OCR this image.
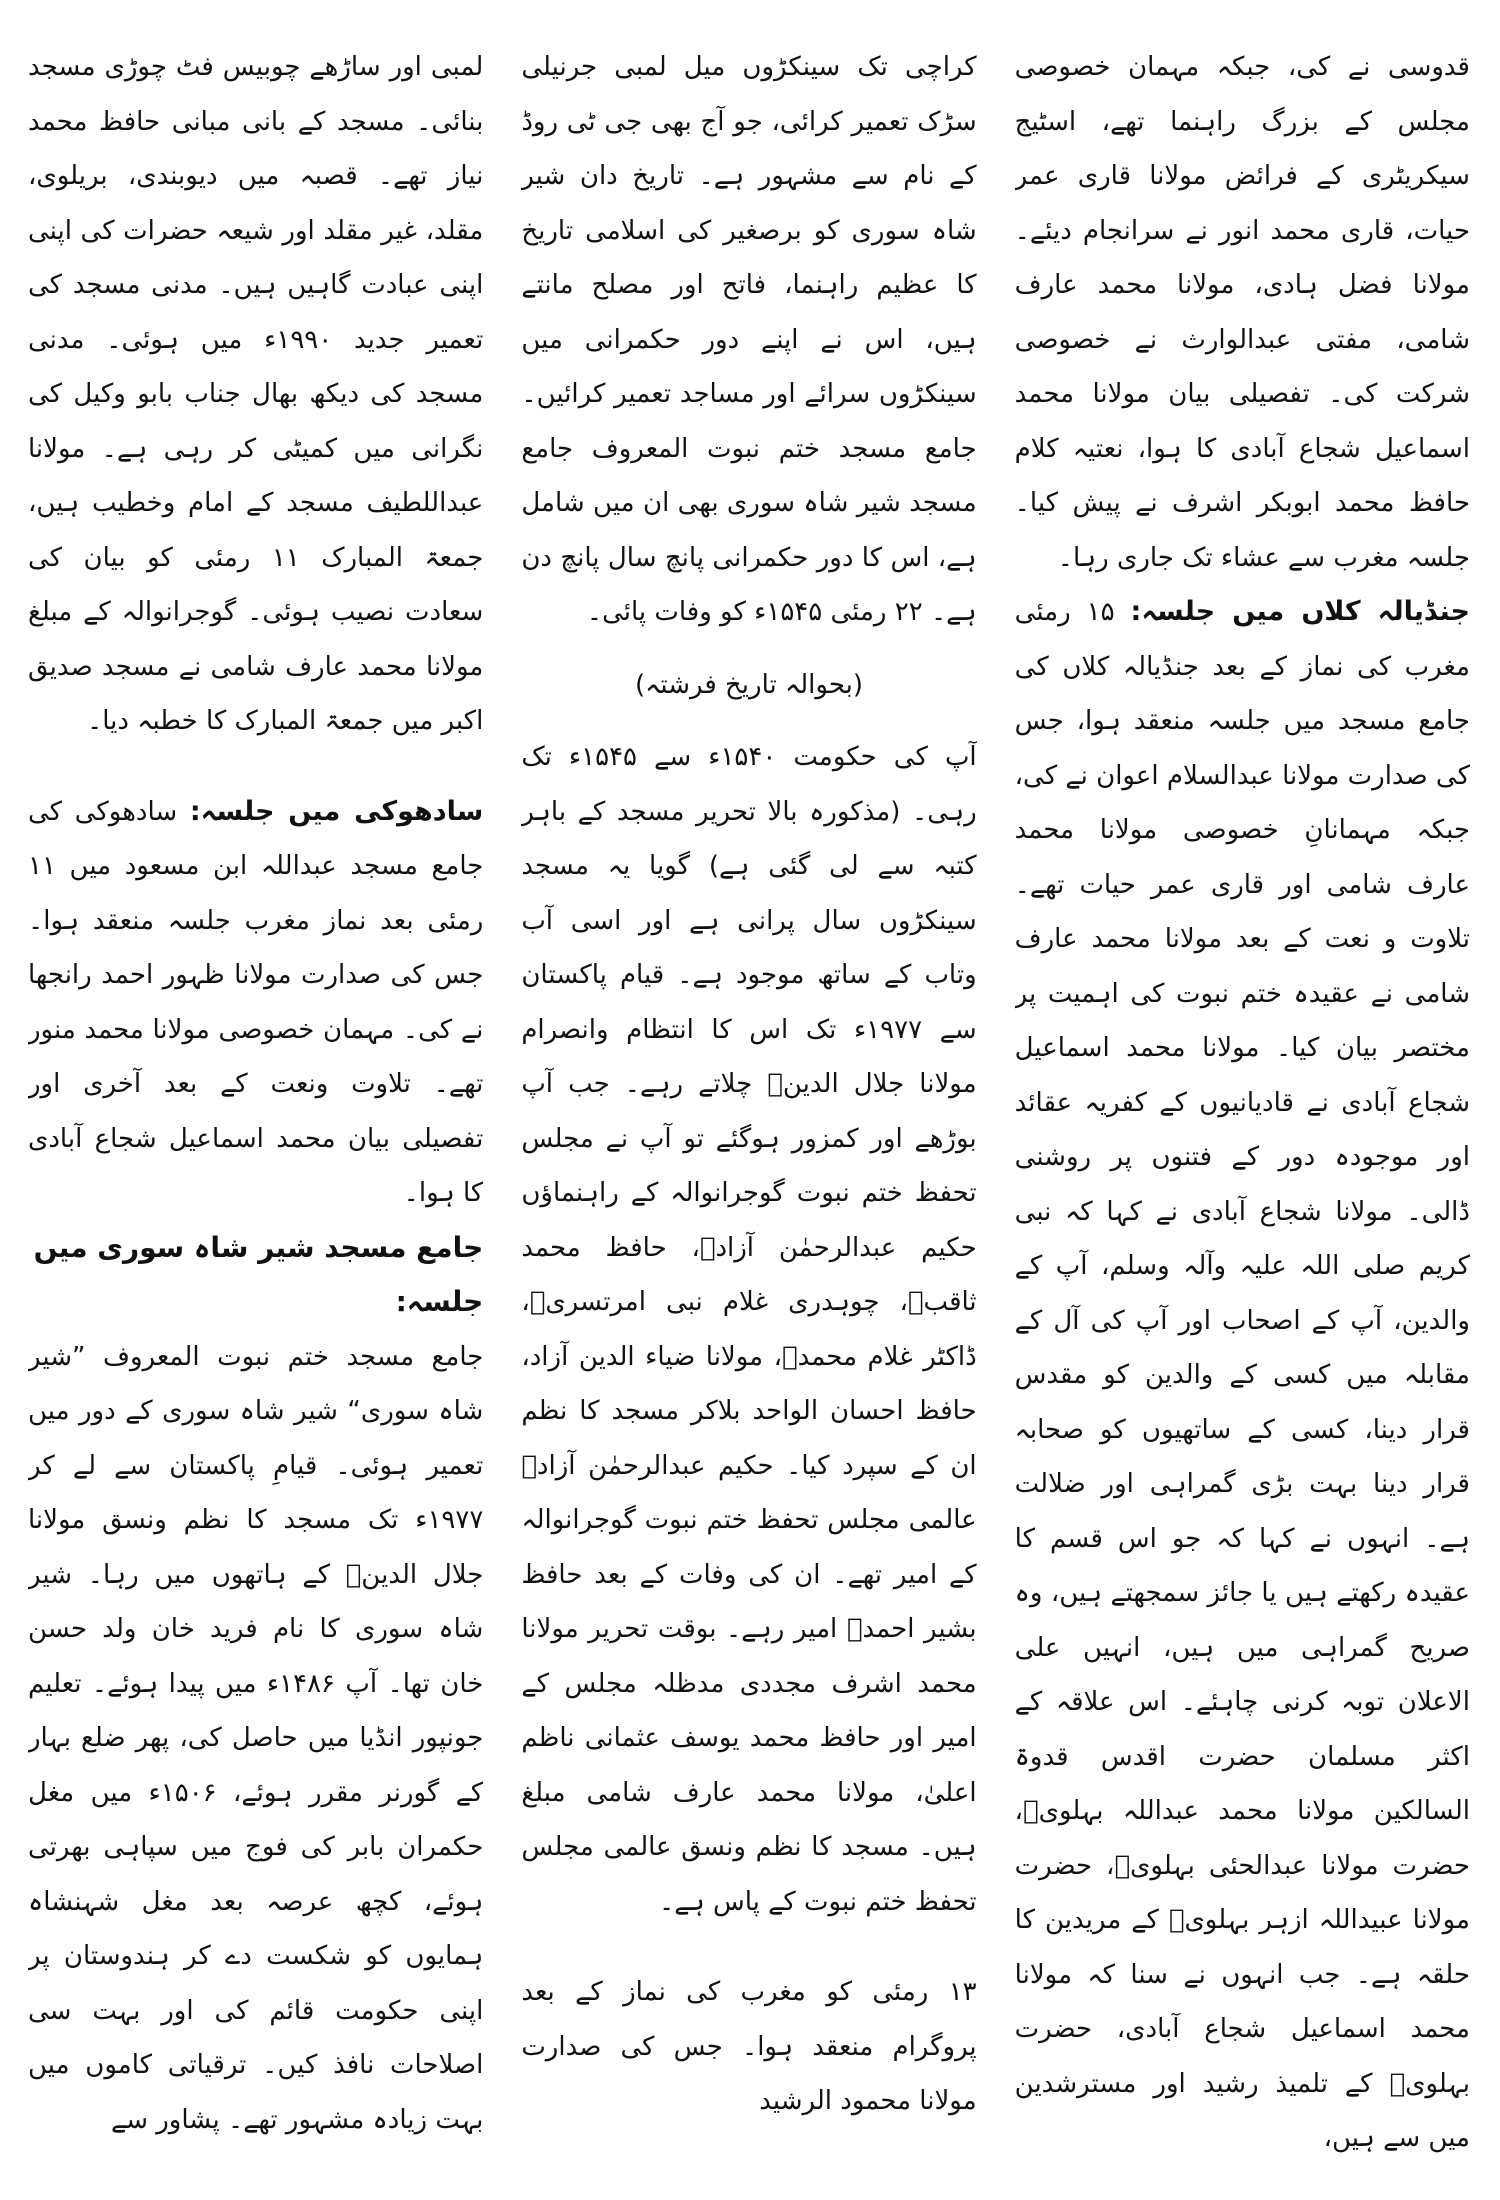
لمبی اور ساڑھے چوبیس فٹ چوڑی مسجد بنائی۔ مسجد کے بانی مبانی حافظ محمد نیاز تھے۔ قصبہ میں دیوبندی، بریلوی، مقلد، غیر مقلد اور شیعہ حضرات کی اپنی اپنی عبادت گاہیں ہیں۔ مدنی مسجد کی تعمیر جدید ۱۹۹۰ء میں ہوئی۔ مدنی مسجد کی دیکھ بھال جناب بابو وکیل کی نگرانی میں کمیٹی کر رہی ہے۔ مولانا عبداللطیف مسجد کے امام وخطیب ہیں، جمعۃ المبارک ۱۱ رمئی کو بیان کی سعادت نصیب ہوئی۔ گوجرانوالہ کے مبلغ مولانا محمد عارف شامی نے مسجد صدیق اکبر میں جمعۃ المبارک کا خطبہ دیا۔

سادھوکی میں جلسہ: سادھوکی کی جامع مسجد عبداللہ ابن مسعود میں ۱۱ رمئی بعد نماز مغرب جلسہ منعقد ہوا۔ جس کی صدارت مولانا ظہور احمد رانجھا نے کی۔ مہمان خصوصی مولانا محمد منور تھے۔ تلاوت ونعت کے بعد آخری اور تفصیلی بیان محمد اسماعیل شجاع آبادی کا ہوا۔

جامع مسجد شیر شاہ سوری میں جلسہ:

جامع مسجد ختم نبوت المعروف ”شیر شاہ سوری“ شیر شاہ سوری کے دور میں تعمیر ہوئی۔ قیامِ پاکستان سے لے کر ۱۹۷۷ء تک مسجد کا نظم ونسق مولانا جلال الدینؒ کے ہاتھوں میں رہا۔ شیر شاہ سوری کا نام فرید خان ولد حسن خان تھا۔ آپ ۱۴۸۶ء میں پیدا ہوئے۔ تعلیم جونپور انڈیا میں حاصل کی، پھر ضلع بہار کے گورنر مقرر ہوئے، ۱۵۰۶ء میں مغل حکمران بابر کی فوج میں سپاہی بھرتی ہوئے، کچھ عرصہ بعد مغل شہنشاہ ہمایوں کو شکست دے کر ہندوستان پر اپنی حکومت قائم کی اور بہت سی اصلاحات نافذ کیں۔ ترقیاتی کاموں میں بہت زیادہ مشہور تھے۔ پشاور سے

کراچی تک سینکڑوں میل لمبی جرنیلی سڑک تعمیر کرائی، جو آج بھی جی ٹی روڈ کے نام سے مشہور ہے۔ تاریخ دان شیر شاہ سوری کو برصغیر کی اسلامی تاریخ کا عظیم راہنما، فاتح اور مصلح مانتے ہیں، اس نے اپنے دور حکمرانی میں سینکڑوں سرائے اور مساجد تعمیر کرائیں۔ جامع مسجد ختم نبوت المعروف جامع مسجد شیر شاہ سوری بھی ان میں شامل ہے، اس کا دور حکمرانی پانچ سال پانچ دن ہے۔ ۲۲ رمئی ۱۵۴۵ء کو وفات پائی۔

(بحوالہ تاریخ فرشتہ)

آپ کی حکومت ۱۵۴۰ء سے ۱۵۴۵ء تک رہی۔ (مذکورہ بالا تحریر مسجد کے باہر کتبہ سے لی گئی ہے) گویا یہ مسجد سینکڑوں سال پرانی ہے اور اسی آب وتاب کے ساتھ موجود ہے۔ قیام پاکستان سے ۱۹۷۷ء تک اس کا انتظام وانصرام مولانا جلال الدینؒ چلاتے رہے۔ جب آپ بوڑھے اور کمزور ہوگئے تو آپ نے مجلس تحفظ ختم نبوت گوجرانوالہ کے راہنماؤں حکیم عبدالرحمٰن آزادؒ، حافظ محمد ثاقبؒ، چوہدری غلام نبی امرتسریؒ، ڈاکٹر غلام محمدؒ، مولانا ضیاء الدین آزاد، حافظ احسان الواحد بلاکر مسجد کا نظم ان کے سپرد کیا۔ حکیم عبدالرحمٰن آزادؒ عالمی مجلس تحفظ ختم نبوت گوجرانوالہ کے امیر تھے۔ ان کی وفات کے بعد حافظ بشیر احمدؒ امیر رہے۔ بوقت تحریر مولانا محمد اشرف مجددی مدظلہ مجلس کے امیر اور حافظ محمد یوسف عثمانی ناظم اعلیٰ، مولانا محمد عارف شامی مبلغ ہیں۔ مسجد کا نظم ونسق عالمی مجلس تحفظ ختم نبوت کے پاس ہے۔

۱۳ رمئی کو مغرب کی نماز کے بعد پروگرام منعقد ہوا۔ جس کی صدارت مولانا محمود الرشید

قدوسی نے کی، جبکہ مہمان خصوصی مجلس کے بزرگ راہنما تھے، اسٹیج سیکریٹری کے فرائض مولانا قاری عمر حیات، قاری محمد انور نے سرانجام دیئے۔ مولانا فضل ہادی، مولانا محمد عارف شامی، مفتی عبدالوارث نے خصوصی شرکت کی۔ تفصیلی بیان مولانا محمد اسماعیل شجاع آبادی کا ہوا، نعتیہ کلام حافظ محمد ابوبکر اشرف نے پیش کیا۔ جلسہ مغرب سے عشاء تک جاری رہا۔

جنڈیالہ کلاں میں جلسہ: ۱۵ رمئی مغرب کی نماز کے بعد جنڈیالہ کلاں کی جامع مسجد میں جلسہ منعقد ہوا، جس کی صدارت مولانا عبدالسلام اعوان نے کی، جبکہ مہمانانِ خصوصی مولانا محمد عارف شامی اور قاری عمر حیات تھے۔ تلاوت و نعت کے بعد مولانا محمد عارف شامی نے عقیدہ ختم نبوت کی اہمیت پر مختصر بیان کیا۔ مولانا محمد اسماعیل شجاع آبادی نے قادیانیوں کے کفریہ عقائد اور موجودہ دور کے فتنوں پر روشنی ڈالی۔ مولانا شجاع آبادی نے کہا کہ نبی کریم صلی اللہ علیہ وآلہ وسلم، آپ کے والدین، آپ کے اصحاب اور آپ کی آل کے مقابلہ میں کسی کے والدین کو مقدس قرار دینا، کسی کے ساتھیوں کو صحابہ قرار دینا بہت بڑی گمراہی اور ضلالت ہے۔ انہوں نے کہا کہ جو اس قسم کا عقیدہ رکھتے ہیں یا جائز سمجھتے ہیں، وہ صریح گمراہی میں ہیں، انہیں علی الاعلان توبہ کرنی چاہئے۔ اس علاقہ کے اکثر مسلمان حضرت اقدس قدوۃ السالکین مولانا محمد عبداللہ بہلویؒ، حضرت مولانا عبدالحئی بہلویؒ، حضرت مولانا عبیداللہ ازہر بہلویؒ کے مریدین کا حلقہ ہے۔ جب انہوں نے سنا کہ مولانا محمد اسماعیل شجاع آبادی، حضرت بہلویؒ کے تلمیذ رشید اور مسترشدین میں سے ہیں،
